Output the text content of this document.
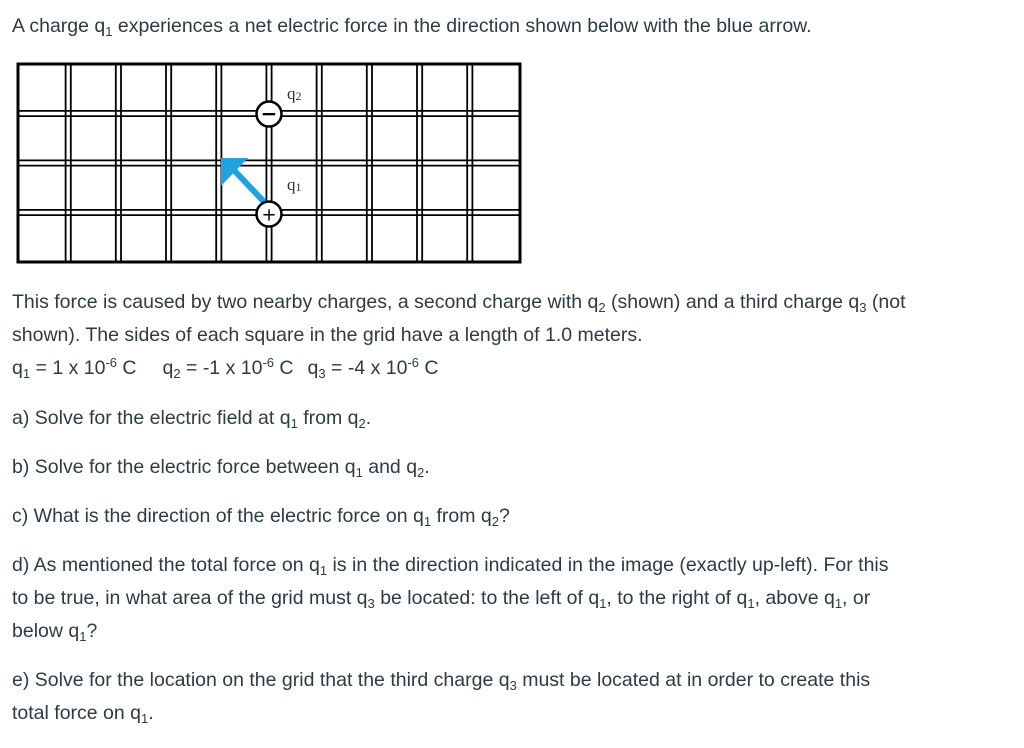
A charge $q_1$ experiences a net electric force in the direction shown below with the blue arrow.
−
q2
+
q1
This force is caused by two nearby charges, a second charge with $q_2$ (shown) and a third charge $q_3$ (not
shown). The sides of each square in the grid have a length of 1.0 meters.
$q_1 = 1$ x $10^{-6}$ C $q_2 = -1$ x $10^{-6}$ C $q_3 = -4$ x $10^{-6}$ C
a) Solve for the electric field at $q_1$ from $q_2$.
b) Solve for the electric force between $q_1$ and $q_2$.
c) What is the direction of the electric force on $q_1$ from $q_2$?
d) As mentioned the total force on $q_1$ is in the direction indicated in the image (exactly up-left). For this
to be true, in what area of the grid must $q_3$ be located: to the left of $q_1$, to the right of $q_1$, above $q_1$, or
below $q_1$?
e) Solve for the location on the grid that the third charge $q_3$ must be located at in order to create this
total force on $q_1$.
